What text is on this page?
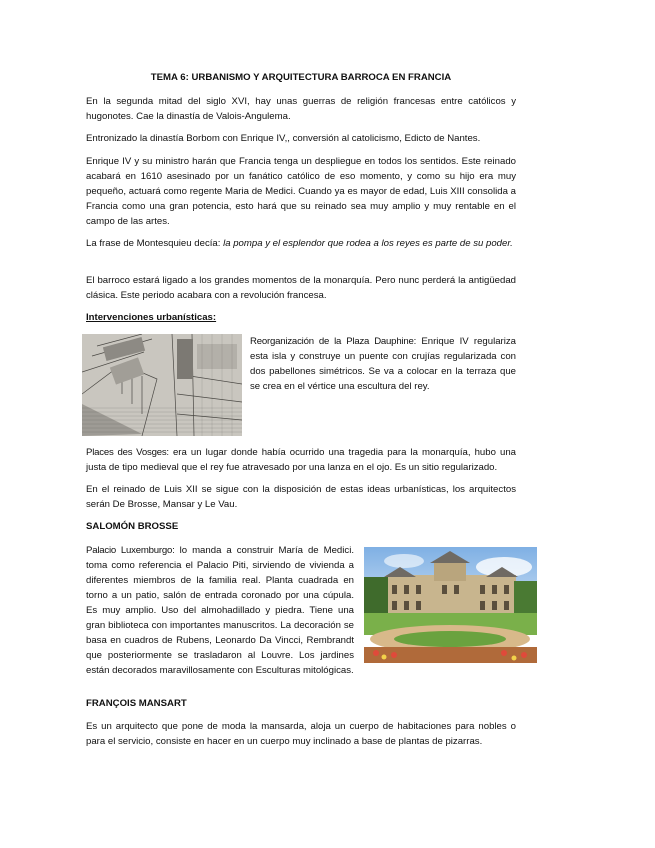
TEMA 6: URBANISMO Y ARQUITECTURA BARROCA EN FRANCIA
En la segunda mitad del siglo XVI, hay unas guerras de religión francesas entre católicos y hugonotes. Cae la dinastía de Valois-Angulema.
Entronizado la dinastía Borbom con Enrique IV,, conversión al catolicismo, Edicto de Nantes.
Enrique IV y su ministro harán que Francia tenga un despliegue en todos los sentidos. Este reinado acabará en 1610 asesinado por un fanático católico de eso momento, y como su hijo era muy pequeño, actuará como regente Maria de Medici. Cuando ya es mayor de edad, Luis XIII consolida a Francia como una gran potencia, esto hará que su reinado sea muy amplio y muy rentable en el campo de las artes.
La frase de Montesquieu decía: la pompa y el esplendor que rodea a los reyes es parte de su poder.
El barroco estará ligado a los grandes momentos de la monarquía. Pero nunc perderá la antigüedad clásica. Este periodo acabara con a revolución francesa.
Intervenciones urbanísticas:
Reorganización de la Plaza Dauphine: Enrique IV regulariza esta isla y construye un puente con crujías regularizada con dos pabellones simétricos. Se va a colocar en la terraza que se crea en el vértice una escultura del rey.
Places des Vosges: era un lugar donde había ocurrido una tragedia para la monarquía, hubo una justa de tipo medieval que el rey fue atravesado por una lanza en el ojo. Es un sitio regularizado.
En el reinado de Luis XII se sigue con la disposición de estas ideas urbanísticas, los arquitectos serán De Brosse, Mansar y Le Vau.
SALOMÓN BROSSE
Palacio Luxemburgo: lo manda a construir María de Medici. toma como referencia el Palacio Piti, sirviendo de vivienda a diferentes miembros de la familia real. Planta cuadrada en torno a un patio, salón de entrada coronado por una cúpula. Es muy amplio. Uso del almohadillado y piedra. Tiene una gran biblioteca con importantes manuscritos. La decoración se basa en cuadros de Rubens, Leonardo Da Vincci, Rembrandt que posteriormente se trasladaron al Louvre. Los jardines están decorados maravillosamente con Esculturas mitológicas.
FRANÇOIS MANSART
Es un arquitecto que pone de moda la mansarda, aloja un cuerpo de habitaciones para nobles o para el servicio, consiste en hacer en un cuerpo muy inclinado a base de plantas de pizarras.
